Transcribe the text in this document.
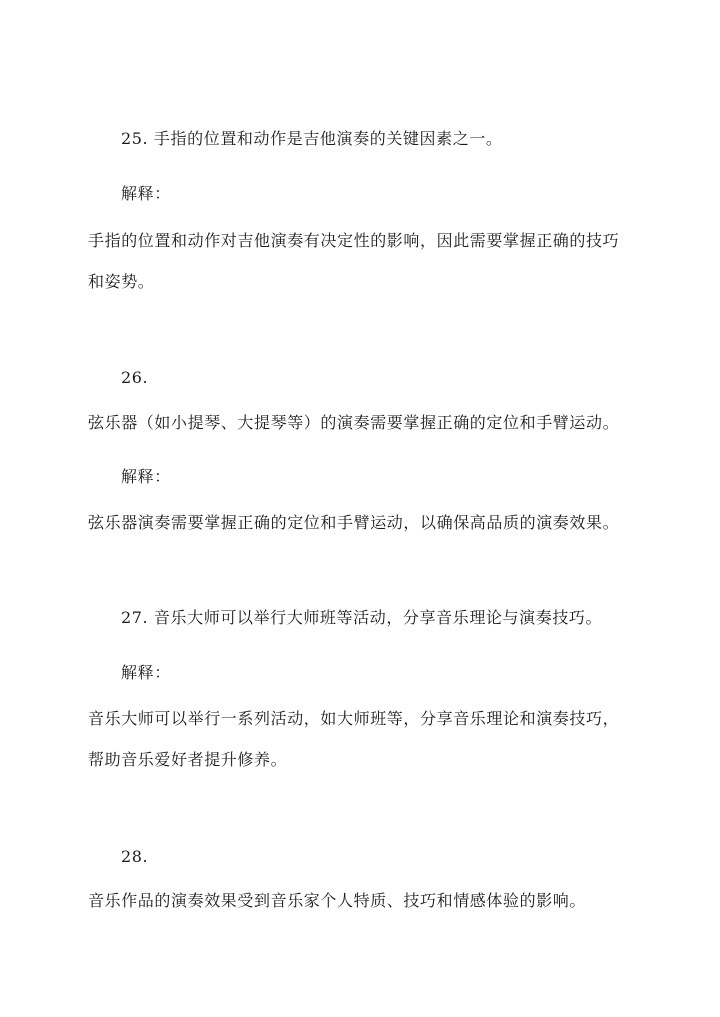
25. 手指的位置和动作是吉他演奏的关键因素之一。
解释：
手指的位置和动作对吉他演奏有决定性的影响，因此需要掌握正确的技巧
和姿势。
26.
弦乐器（如小提琴、大提琴等）的演奏需要掌握正确的定位和手臂运动。
解释：
弦乐器演奏需要掌握正确的定位和手臂运动，以确保高品质的演奏效果。
27. 音乐大师可以举行大师班等活动，分享音乐理论与演奏技巧。
解释：
音乐大师可以举行一系列活动，如大师班等，分享音乐理论和演奏技巧，
帮助音乐爱好者提升修养。
28.
音乐作品的演奏效果受到音乐家个人特质、技巧和情感体验的影响。
